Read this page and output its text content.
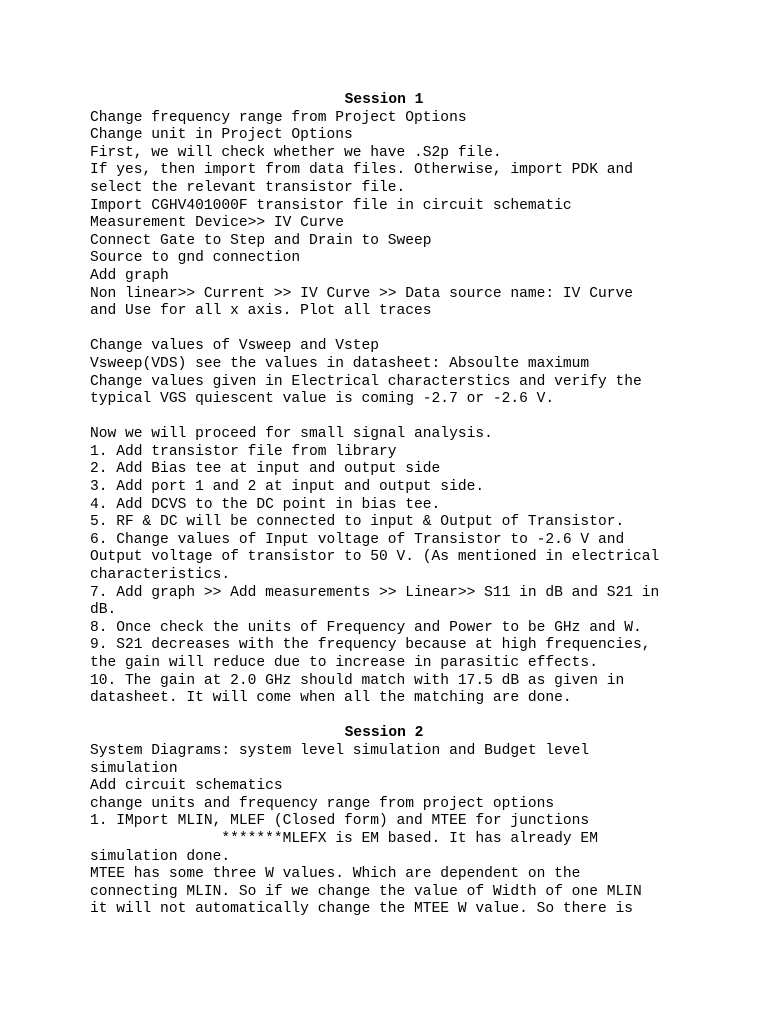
Session 1
Change frequency range from Project Options
Change unit in Project Options
First, we will check whether we have .S2p file.
If yes, then import from data files. Otherwise, import PDK and
select the relevant transistor file.
Import CGHV401000F transistor file in circuit schematic
Measurement Device>> IV Curve
Connect Gate to Step and Drain to Sweep
Source to gnd connection
Add graph
Non linear>> Current >> IV Curve >> Data source name: IV Curve
and Use for all x axis. Plot all traces
Change values of Vsweep and Vstep
Vsweep(VDS) see the values in datasheet: Absoulte maximum
Change values given in Electrical characterstics and verify the
typical VGS quiescent value is coming -2.7 or -2.6 V.
Now we will proceed for small signal analysis.
1. Add transistor file from library
2. Add Bias tee at input and output side
3. Add port 1 and 2 at input and output side.
4. Add DCVS to the DC point in bias tee.
5. RF & DC will be connected to input & Output of Transistor.
6. Change values of Input voltage of Transistor to -2.6 V and
Output voltage of transistor to 50 V. (As mentioned in electrical
characteristics.
7. Add graph >> Add measurements >> Linear>> S11 in dB and S21 in
dB.
8. Once check the units of Frequency and Power to be GHz and W.
9. S21 decreases with the frequency because at high frequencies,
the gain will reduce due to increase in parasitic effects.
10. The gain at 2.0 GHz should match with 17.5 dB as given in
datasheet. It will come when all the matching are done.
Session 2
System Diagrams: system level simulation and Budget level
simulation
Add circuit schematics
change units and frequency range from project options
1. IMport MLIN, MLEF (Closed form) and MTEE for junctions
*******MLEFX is EM based. It has already EM
simulation done.
MTEE has some three W values. Which are dependent on the
connecting MLIN. So if we change the value of Width of one MLIN
it will not automatically change the MTEE W value. So there is
